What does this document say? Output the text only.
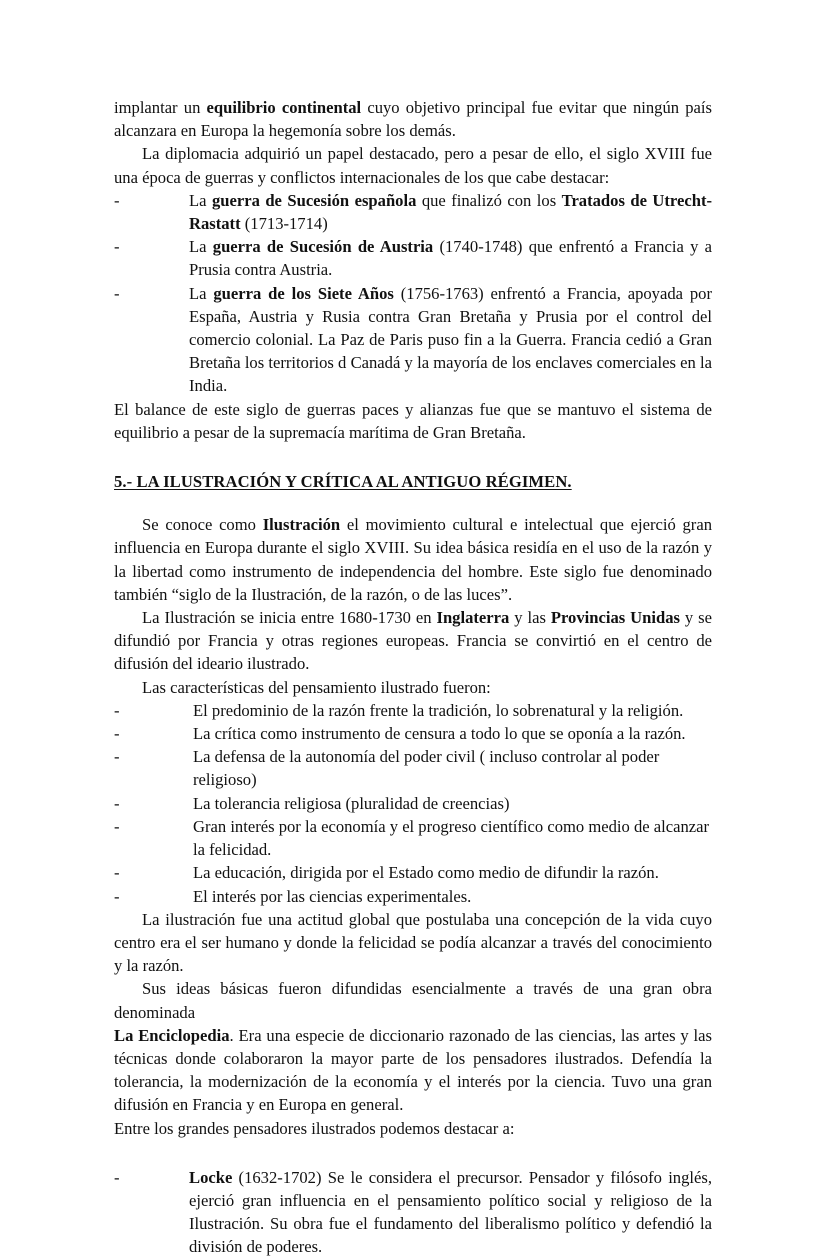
implantar un equilibrio continental cuyo objetivo principal fue evitar que ningún país alcanzara en Europa la hegemonía sobre los demás.

La diplomacia adquirió un papel destacado, pero a pesar de ello, el siglo XVIII fue una época de guerras y conflictos internacionales de los que cabe destacar:

-	La guerra de Sucesión española que finalizó con los Tratados de Utrecht-Rastatt (1713-1714)
-	La guerra de Sucesión de Austria (1740-1748) que enfrentó a Francia y a Prusia contra Austria.
-	La guerra de los Siete Años (1756-1763) enfrentó a Francia, apoyada por España, Austria y Rusia contra Gran Bretaña y Prusia por el control del comercio colonial. La Paz de Paris puso fin a la Guerra. Francia cedió a Gran Bretaña los territorios d Canadá y la mayoría de los enclaves comerciales en la India.

El balance de este siglo de guerras paces y alianzas fue que se mantuvo el sistema de equilibrio a pesar de la supremacía marítima de Gran Bretaña.

5.- LA ILUSTRACIÓN Y CRÍTICA AL ANTIGUO RÉGIMEN.

Se conoce como Ilustración el movimiento cultural e intelectual que ejerció gran influencia en Europa durante el siglo XVIII. Su idea básica residía en el uso de la razón y la libertad como instrumento de independencia del hombre. Este siglo fue denominado también “siglo de la Ilustración, de la razón, o de las luces”.

La Ilustración se inicia entre 1680-1730 en Inglaterra y las Provincias Unidas y se difundió por Francia y otras regiones europeas. Francia se convirtió en el centro de difusión del ideario ilustrado.

Las características del pensamiento ilustrado fueron:

-	El predominio de la razón frente la tradición, lo sobrenatural y la religión.
-	La crítica como instrumento de censura a todo lo que se oponía a la razón.
-	La defensa de la autonomía del poder civil ( incluso controlar al poder religioso)
-	La tolerancia religiosa (pluralidad de creencias)
-	Gran interés por la economía y el progreso científico como medio de alcanzar la felicidad.
-	La educación, dirigida por el Estado como medio de difundir la razón.
-	El interés por las ciencias experimentales.

La ilustración fue una actitud global que postulaba una concepción de la vida cuyo centro era el ser humano y donde la felicidad se podía alcanzar a través del conocimiento y la razón.

Sus ideas básicas fueron difundidas esencialmente a través de una gran obra denominada

La Enciclopedia. Era una especie de diccionario razonado de las ciencias, las artes y las técnicas donde colaboraron la mayor parte de los pensadores ilustrados. Defendía la tolerancia, la modernización de la economía y el interés por la ciencia. Tuvo una gran difusión en Francia y en Europa en general.

Entre los grandes pensadores ilustrados podemos destacar a:

-	Locke (1632-1702) Se le considera el precursor. Pensador y filósofo inglés, ejerció gran influencia en el pensamiento político social y religioso de la Ilustración. Su obra fue el fundamento del liberalismo político y defendió la división de poderes.
